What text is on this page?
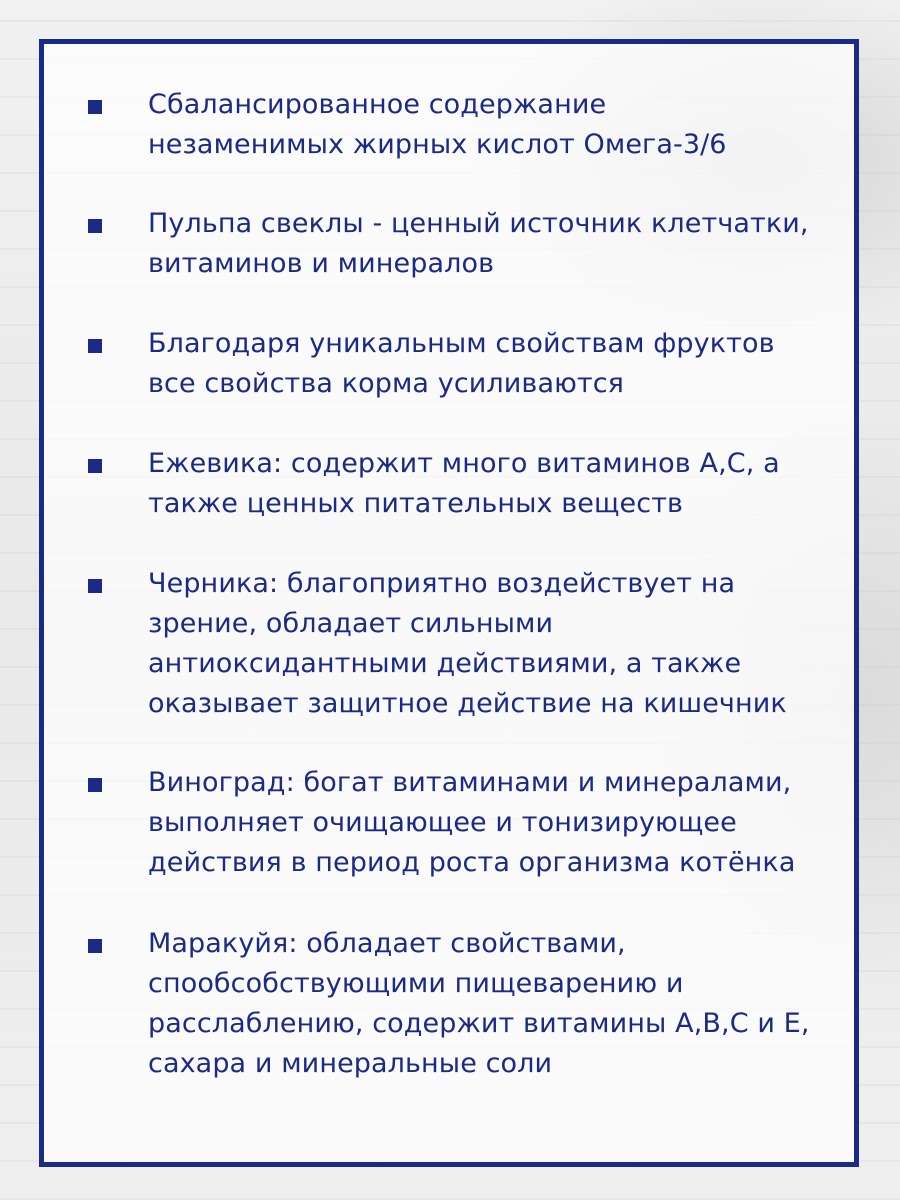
Сбалансированное содержание
незаменимых жирных кислот Омега-3/6

Пульпа свеклы - ценный источник клетчатки,
витаминов и минералов

Благодаря уникальным свойствам фруктов
все свойства корма усиливаются

Ежевика: содержит много витаминов А,С, а
также ценных питательных веществ

Черника: благоприятно воздействует на
зрение, обладает сильными
антиоксидантными действиями, а также
оказывает защитное действие на кишечник

Виноград: богат витаминами и минералами,
выполняет очищающее и тонизирующее
действия в период роста организма котёнка

Маракуйя: обладает свойствами,
спообсобствующими пищеварению и
расслаблению, содержит витамины А,В,С и Е,
сахара и минеральные соли
